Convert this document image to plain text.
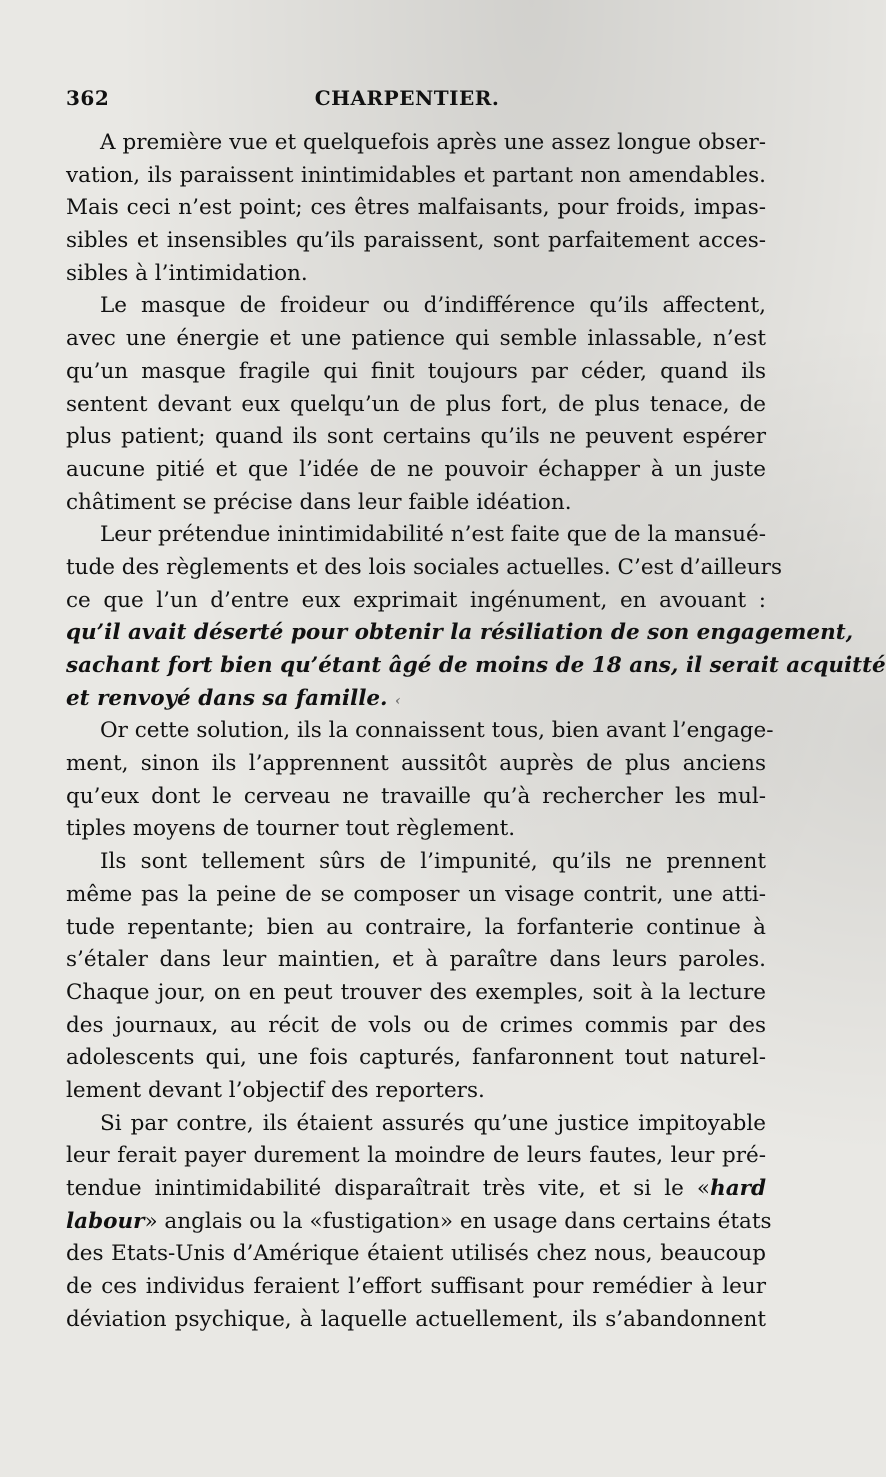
362	CHARPENTIER.
A première vue et quelquefois après une assez longue obser-
vation, ils paraissent inintimidables et partant non amendables.
Mais ceci n’est point; ces êtres malfaisants, pour froids, impas-
sibles et insensibles qu’ils paraissent, sont parfaitement acces-
sibles à l’intimidation.
Le masque de froideur ou d’indifférence qu’ils affectent,
avec une énergie et une patience qui semble inlassable, n’est
qu’un masque fragile qui finit toujours par céder, quand ils
sentent devant eux quelqu’un de plus fort, de plus tenace, de
plus patient; quand ils sont certains qu’ils ne peuvent espérer
aucune pitié et que l’idée de ne pouvoir échapper à un juste
châtiment se précise dans leur faible idéation.
Leur prétendue inintimidabilité n’est faite que de la mansué-
tude des règlements et des lois sociales actuelles. C’est d’ailleurs
ce que l’un d’entre eux exprimait ingénument, en avouant :
qu’il avait déserté pour obtenir la résiliation de son engagement,
sachant fort bien qu’étant âgé de moins de 18 ans, il serait acquitté
et renvoyé dans sa famille. ‹
Or cette solution, ils la connaissent tous, bien avant l’engage-
ment, sinon ils l’apprennent aussitôt auprès de plus anciens
qu’eux dont le cerveau ne travaille qu’à rechercher les mul-
tiples moyens de tourner tout règlement.
Ils sont tellement sûrs de l’impunité, qu’ils ne prennent
même pas la peine de se composer un visage contrit, une atti-
tude repentante; bien au contraire, la forfanterie continue à
s’étaler dans leur maintien, et à paraître dans leurs paroles.
Chaque jour, on en peut trouver des exemples, soit à la lecture
des journaux, au récit de vols ou de crimes commis par des
adolescents qui, une fois capturés, fanfaronnent tout naturel-
lement devant l’objectif des reporters.
Si par contre, ils étaient assurés qu’une justice impitoyable
leur ferait payer durement la moindre de leurs fautes, leur pré-
tendue inintimidabilité disparaîtrait très vite, et si le «hard
labour» anglais ou la «fustigation» en usage dans certains états
des Etats-Unis d’Amérique étaient utilisés chez nous, beaucoup
de ces individus feraient l’effort suffisant pour remédier à leur
déviation psychique, à laquelle actuellement, ils s’abandonnent
